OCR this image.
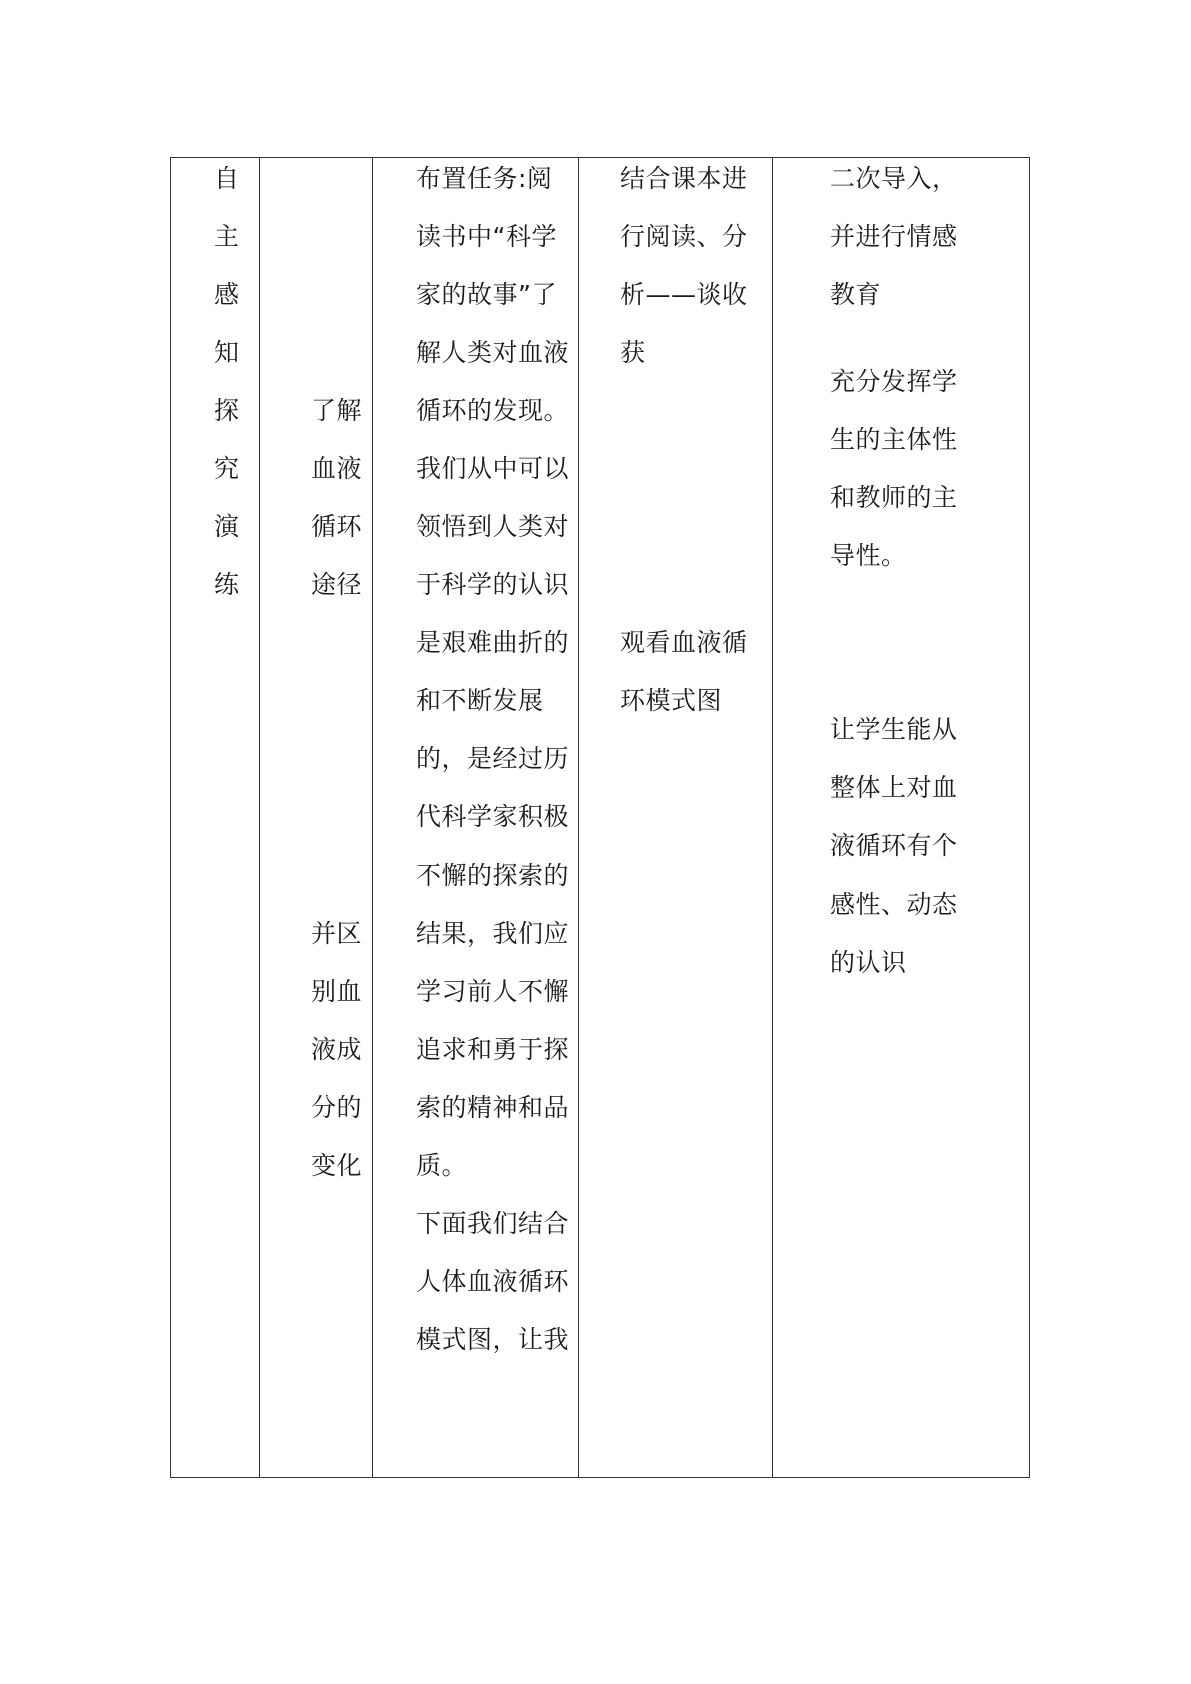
自
主
感
知
探
究
演
练
了解
血液
循环
途径
并区
别血
液成
分的
变化
布置任务:阅
读书中“科学
家的故事”了
解人类对血液
循环的发现。
我们从中可以
领悟到人类对
于科学的认识
是艰难曲折的
和不断发展
的，是经过历
代科学家积极
不懈的探索的
结果，我们应
学习前人不懈
追求和勇于探
索的精神和品
质。
下面我们结合
人体血液循环
模式图，让我
结合课本进
行阅读、分
析——谈收
获
观看血液循
环模式图
二次导入，
并进行情感
教育
充分发挥学
生的主体性
和教师的主
导性。
让学生能从
整体上对血
液循环有个
感性、动态
的认识
